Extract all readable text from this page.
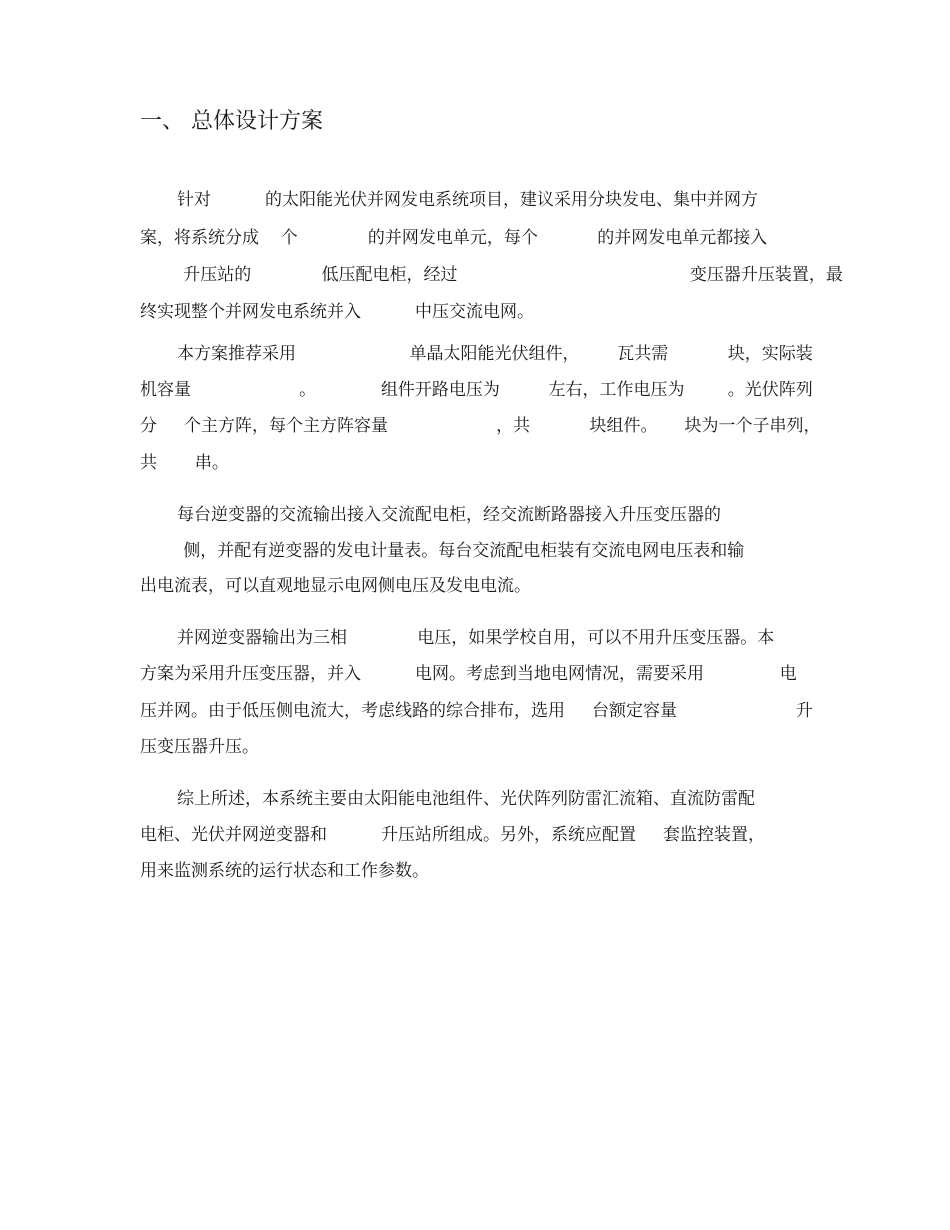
一、 总体设计方案
针对          的太阳能光伏并网发电系统项目，建议采用分块发电、集中并网方
案，将系统分成    个             的并网发电单元，每个           的并网发电单元都接入
升压站的             低压配电柜，经过                                           变压器升压装置，最
终实现整个并网发电系统并入          中压交流电网。
本方案推荐采用                     单晶太阳能光伏组件，       瓦共需           块，实际装
机容量                    。            组件开路电压为         左右，工作电压为        。光伏阵列
分     个主方阵，每个主方阵容量                    ，共           块组件。     块为一个子串列，
共       串。
每台逆变器的交流输出接入交流配电柜，经交流断路器接入升压变压器的
侧，并配有逆变器的发电计量表。每台交流配电柜装有交流电网电压表和输
出电流表，可以直观地显示电网侧电压及发电电流。
并网逆变器输出为三相             电压，如果学校自用，可以不用升压变压器。本
方案为采用升压变压器，并入          电网。考虑到当地电网情况，需要采用              电
压并网。由于低压侧电流大，考虑线路的综合排布，选用     台额定容量                      升
压变压器升压。
综上所述，本系统主要由太阳能电池组件、光伏阵列防雷汇流箱、直流防雷配
电柜、光伏并网逆变器和          升压站所组成。另外，系统应配置     套监控装置，
用来监测系统的运行状态和工作参数。
